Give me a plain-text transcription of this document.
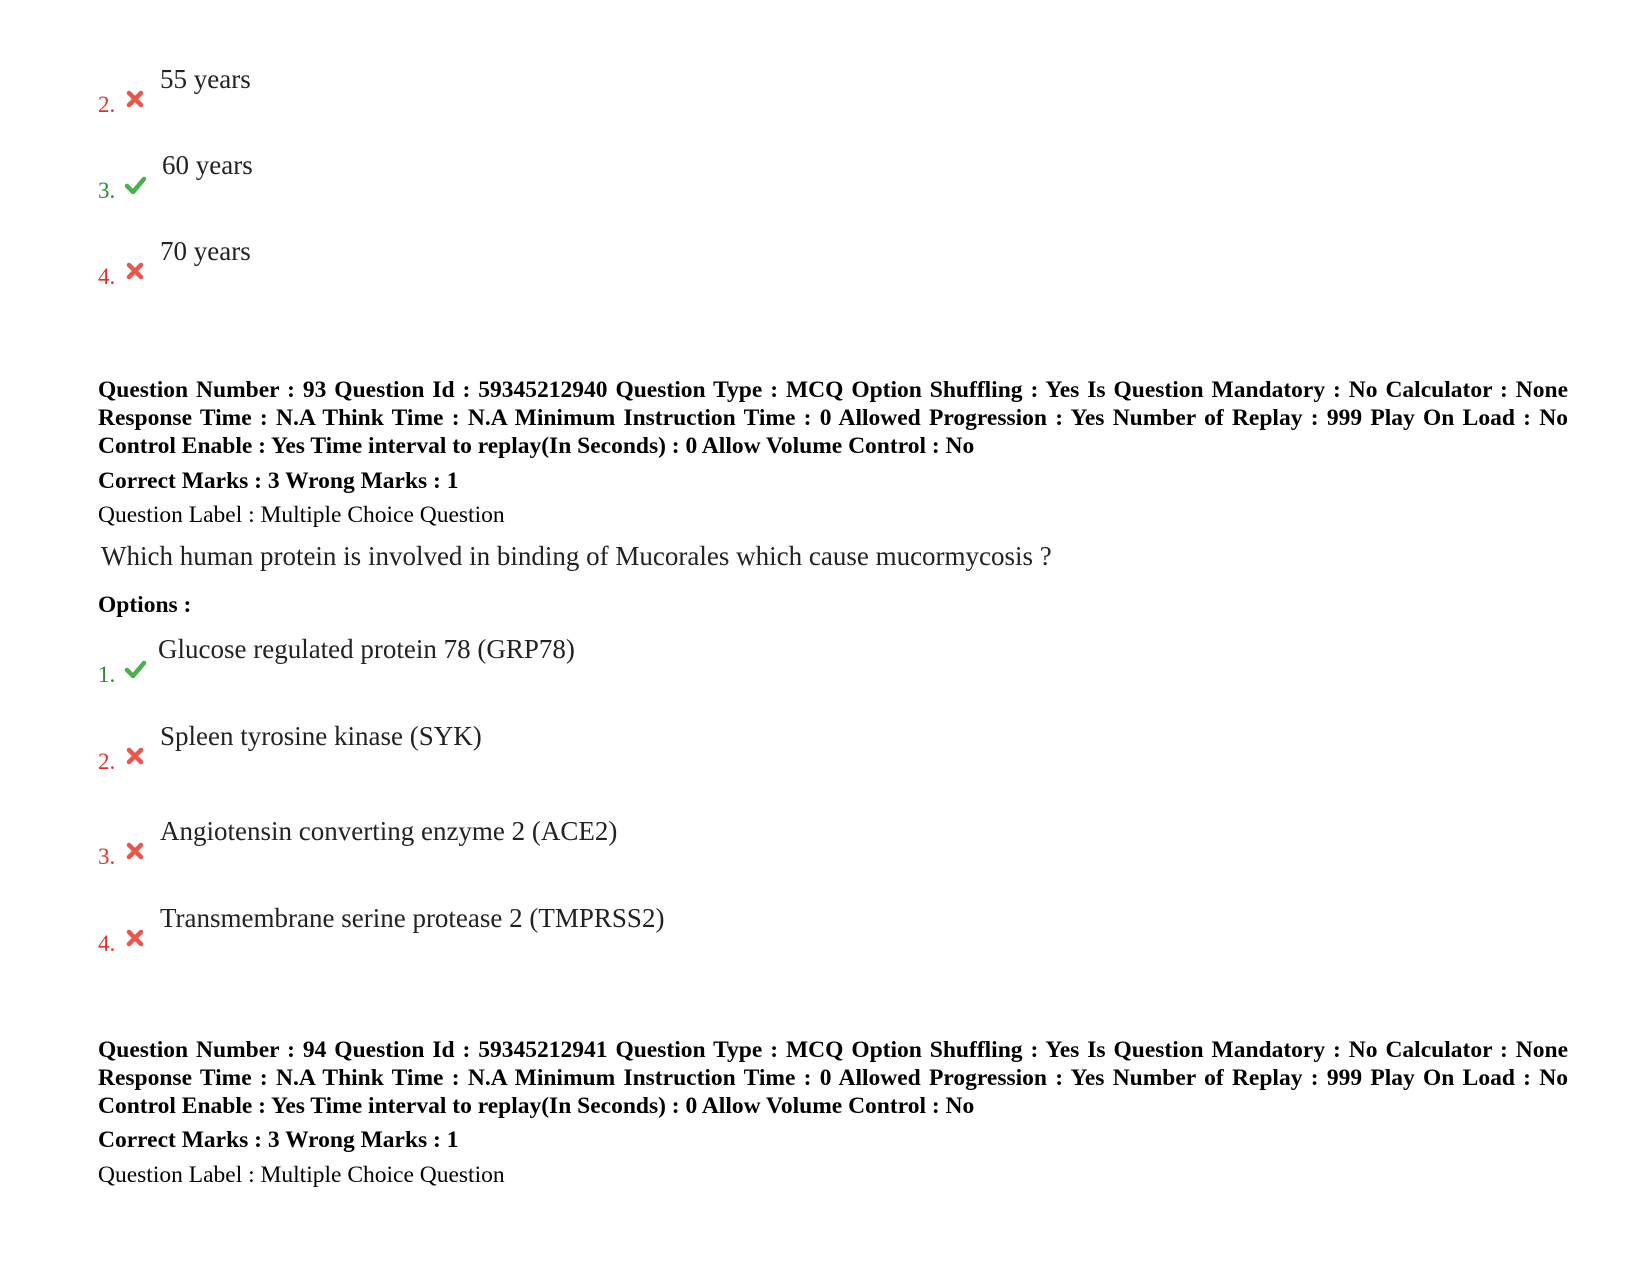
2.
55 years
3.
60 years
4.
70 years
Question Number : 93 Question Id : 59345212940 Question Type : MCQ Option Shuffling : Yes Is Question Mandatory : No Calculator : None Response Time : N.A Think Time : N.A Minimum Instruction Time : 0 Allowed Progression : Yes Number of Replay : 999 Play On Load : No Control Enable : Yes Time interval to replay(In Seconds) : 0 Allow Volume Control : No
Correct Marks : 3 Wrong Marks : 1
Question Label : Multiple Choice Question
Which human protein is involved in binding of Mucorales which cause mucormycosis ?
Options :
1.
Glucose regulated protein 78 (GRP78)
2.
Spleen tyrosine kinase (SYK)
3.
Angiotensin converting enzyme 2 (ACE2)
4.
Transmembrane serine protease 2 (TMPRSS2)
Question Number : 94 Question Id : 59345212941 Question Type : MCQ Option Shuffling : Yes Is Question Mandatory : No Calculator : None Response Time : N.A Think Time : N.A Minimum Instruction Time : 0 Allowed Progression : Yes Number of Replay : 999 Play On Load : No Control Enable : Yes Time interval to replay(In Seconds) : 0 Allow Volume Control : No
Correct Marks : 3 Wrong Marks : 1
Question Label : Multiple Choice Question
